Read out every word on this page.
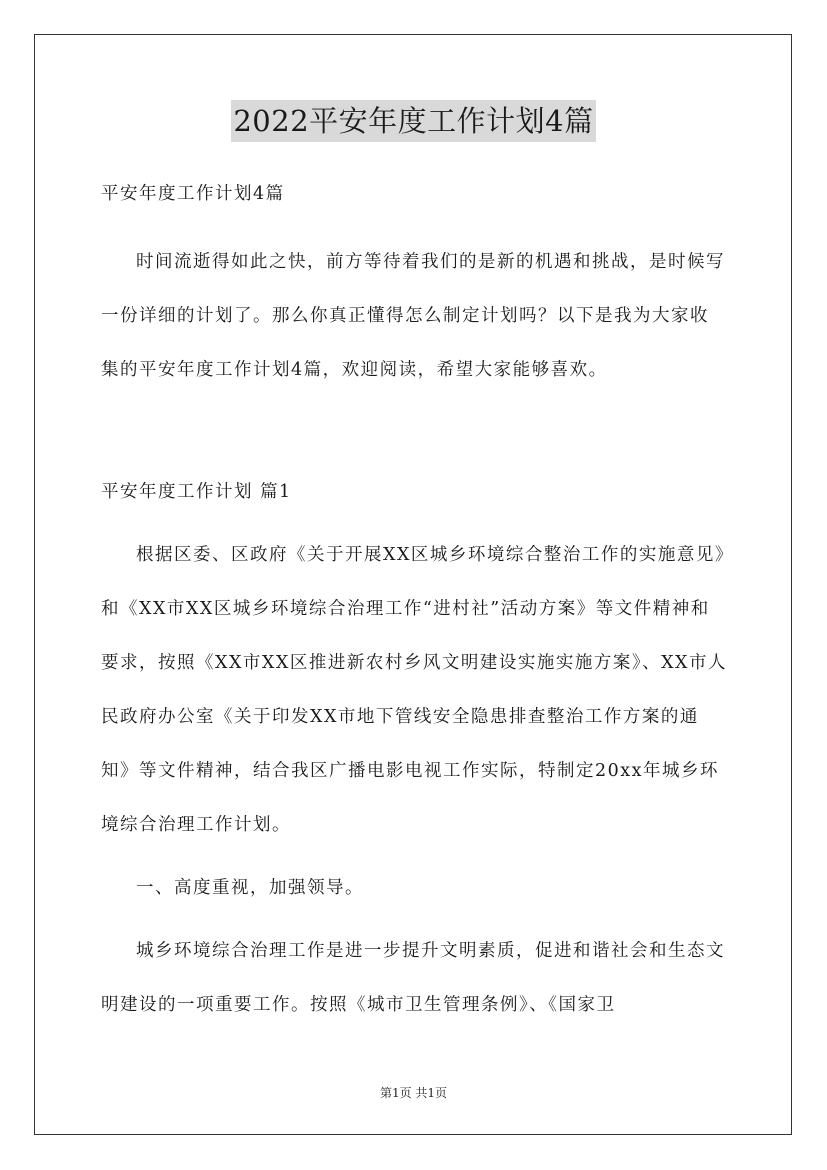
2022平安年度工作计划4篇

平安年度工作计划4篇

时间流逝得如此之快，前方等待着我们的是新的机遇和挑战，是时候写一份详细的计划了。那么你真正懂得怎么制定计划吗？以下是我为大家收集的平安年度工作计划4篇，欢迎阅读，希望大家能够喜欢。

平安年度工作计划 篇1

根据区委、区政府《关于开展XX区城乡环境综合整治工作的实施意见》和《XX市XX区城乡环境综合治理工作“进村社”活动方案》等文件精神和要求，按照《XX市XX区推进新农村乡风文明建设实施实施方案》、XX市人民政府办公室《关于印发XX市地下管线安全隐患排查整治工作方案的通知》等文件精神，结合我区广播电影电视工作实际，特制定20xx年城乡环境综合治理工作计划。

一、高度重视，加强领导。

城乡环境综合治理工作是进一步提升文明素质，促进和谐社会和生态文明建设的一项重要工作。按照《城市卫生管理条例》、《国家卫

第1页 共1页
